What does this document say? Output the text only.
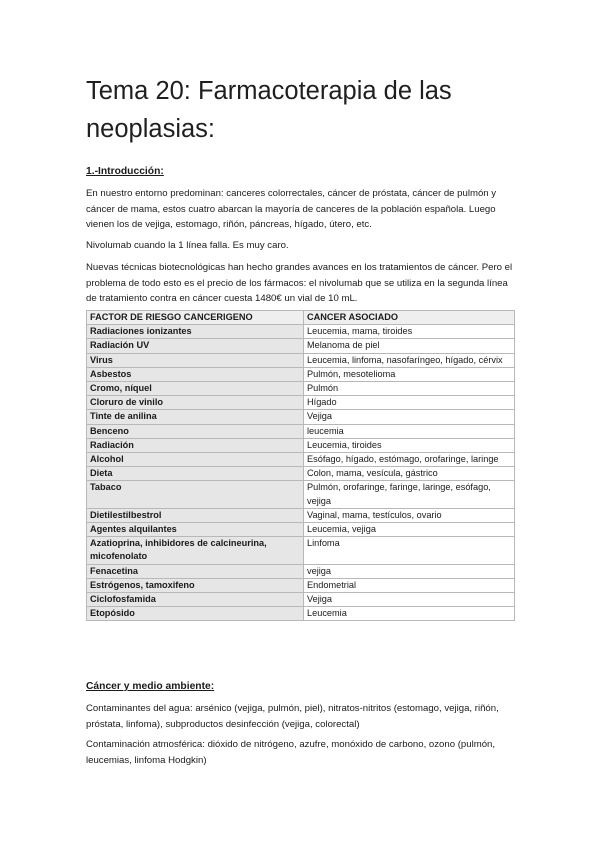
Tema 20: Farmacoterapia de las neoplasias:

1.-Introducción:

En nuestro entorno predominan: canceres colorrectales, cáncer de próstata, cáncer de pulmón y cáncer de mama, estos cuatro abarcan la mayoría de canceres de la población española. Luego vienen los de vejiga, estomago, riñón, páncreas, hígado, útero, etc.

Nivolumab cuando la 1 línea falla. Es muy caro.

Nuevas técnicas biotecnológicas han hecho grandes avances en los tratamientos de cáncer. Pero el problema de todo esto es el precio de los fármacos: el nivolumab que se utiliza en la segunda línea de tratamiento contra en cáncer cuesta 1480€ un vial de 10 mL.

FACTOR DE RIESGO CANCERIGENO	CANCER ASOCIADO
Radiaciones ionizantes	Leucemia, mama, tiroides
Radiación UV	Melanoma de piel
Virus	Leucemia, linfoma, nasofaríngeo, hígado, cérvix
Asbestos	Pulmón, mesotelioma
Cromo, níquel	Pulmón
Cloruro de vinilo	Hígado
Tinte de anilina	Vejiga
Benceno	leucemia
Radiación	Leucemia, tiroides
Alcohol	Esófago, hígado, estómago, orofaringe, laringe
Dieta	Colon, mama, vesícula, gástrico
Tabaco	Pulmón, orofaringe, faringe, laringe, esófago, vejiga
Dietilestilbestrol	Vaginal, mama, testículos, ovario
Agentes alquilantes	Leucemia, vejiga
Azatioprina, inhibidores de calcineurina, micofenolato	Linfoma
Fenacetina	vejiga
Estrógenos, tamoxifeno	Endometrial
Ciclofosfamida	Vejiga
Etopósido	Leucemia

Cáncer y medio ambiente:

Contaminantes del agua: arsénico (vejiga, pulmón, piel), nitratos-nitritos (estomago, vejiga, riñón, próstata, linfoma), subproductos desinfección (vejiga, colorectal)

Contaminación atmosférica: dióxido de nitrógeno, azufre, monóxido de carbono, ozono (pulmón, leucemias, linfoma Hodgkin)
